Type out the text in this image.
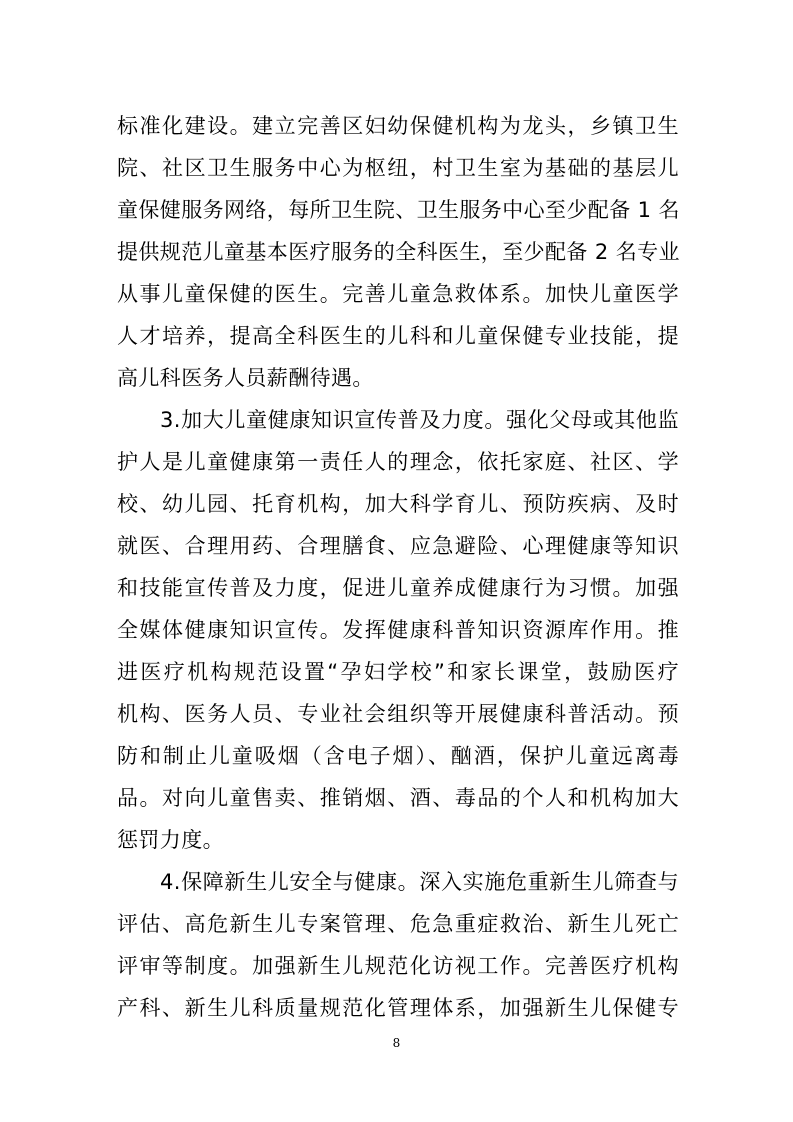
标准化建设。建立完善区妇幼保健机构为龙头，乡镇卫生
院、社区卫生服务中心为枢纽，村卫生室为基础的基层儿
童保健服务网络，每所卫生院、卫生服务中心至少配备 1 名
提供规范儿童基本医疗服务的全科医生，至少配备 2 名专业
从事儿童保健的医生。完善儿童急救体系。加快儿童医学
人才培养，提高全科医生的儿科和儿童保健专业技能，提
高儿科医务人员薪酬待遇。
3.加大儿童健康知识宣传普及力度。强化父母或其他监
护人是儿童健康第一责任人的理念，依托家庭、社区、学
校、幼儿园、托育机构，加大科学育儿、预防疾病、及时
就医、合理用药、合理膳食、应急避险、心理健康等知识
和技能宣传普及力度，促进儿童养成健康行为习惯。加强
全媒体健康知识宣传。发挥健康科普知识资源库作用。推
进医疗机构规范设置“孕妇学校”和家长课堂，鼓励医疗
机构、医务人员、专业社会组织等开展健康科普活动。预
防和制止儿童吸烟（含电子烟）、酗酒，保护儿童远离毒
品。对向儿童售卖、推销烟、酒、毒品的个人和机构加大
惩罚力度。
4.保障新生儿安全与健康。深入实施危重新生儿筛查与
评估、高危新生儿专案管理、危急重症救治、新生儿死亡
评审等制度。加强新生儿规范化访视工作。完善医疗机构
产科、新生儿科质量规范化管理体系，加强新生儿保健专
8
